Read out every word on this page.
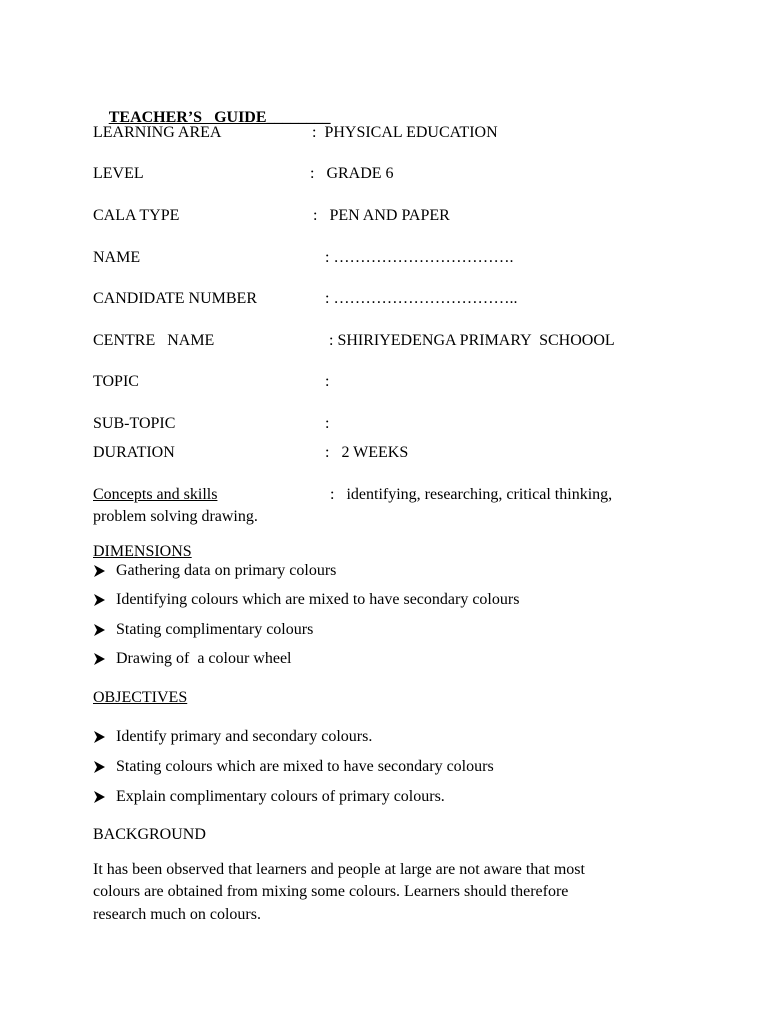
TEACHER’S   GUIDE________

LEARNING AREA	:  PHYSICAL EDUCATION
LEVEL	:   GRADE 6
CALA TYPE	:   PEN AND PAPER
NAME	: …………………………….
CANDIDATE NUMBER	: ……………………………..
CENTRE   NAME	: SHIRIYEDENGA PRIMARY  SCHOOOL
TOPIC	:
SUB-TOPIC	:
DURATION	:   2 WEEKS
Concepts and skills	:   identifying, researching, critical thinking,
problem solving drawing.
DIMENSIONS
Gathering data on primary colours
Identifying colours which are mixed to have secondary colours
Stating complimentary colours
Drawing of  a colour wheel
OBJECTIVES
Identify primary and secondary colours.
Stating colours which are mixed to have secondary colours
Explain complimentary colours of primary colours.
BACKGROUND
It has been observed that learners and people at large are not aware that most
colours are obtained from mixing some colours. Learners should therefore
research much on colours.
